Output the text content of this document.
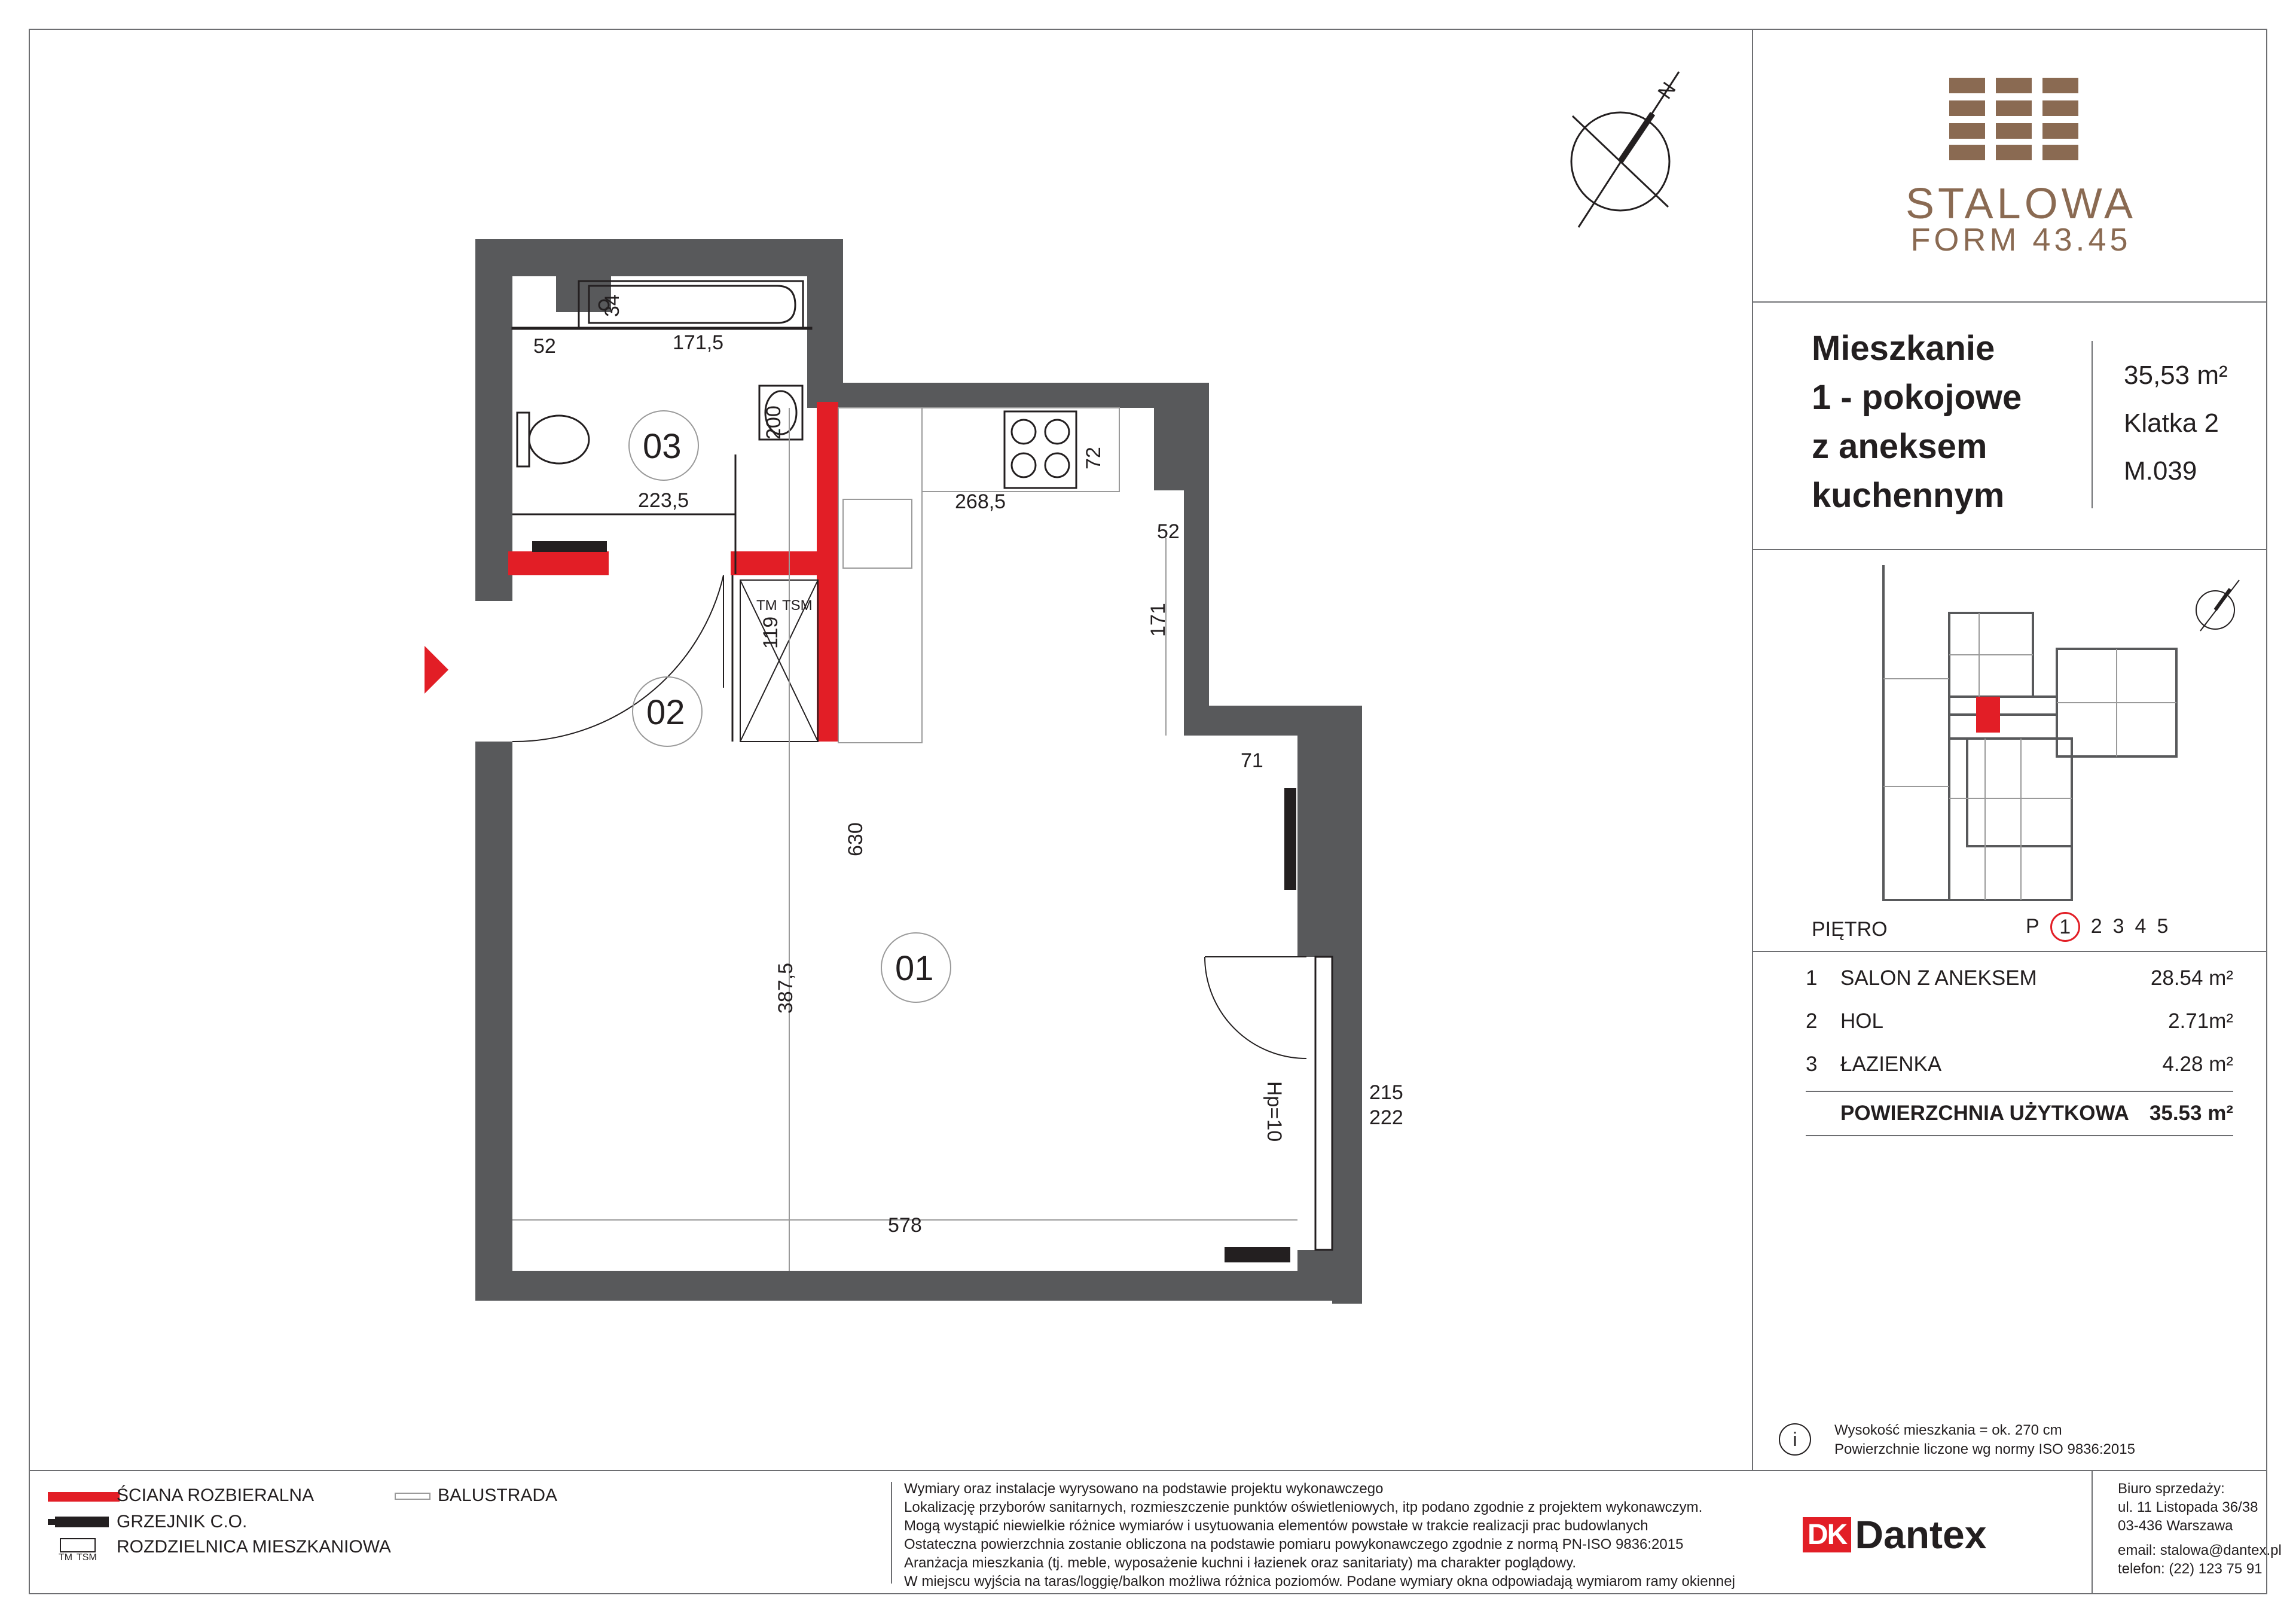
N
03
02
01
52
34
171,5
200
223,5	268,5
72
52
171
119
71
630
387,5
578
215
222
Hp=10
TM TSM
STALOWA
FORM 43.45
Mieszkanie
1 - pokojowe
z aneksem
kuchennym
35,53 m²
Klatka 2
M.039
PIĘTRO	P 1 2 3 4 5
1	SALON Z ANEKSEM	28.54 m²
2	HOL	2.71m²
3	ŁAZIENKA	4.28 m²
POWIERZCHNIA UŻYTKOWA 35.53 m²
i	Wysokość mieszkania = ok. 270 cm
Powierzchnie liczone wg normy ISO 9836:2015
ŚCIANA ROZBIERALNA
GRZEJNIK C.O.
TM TSM
ROZDZIELNICA MIESZKANIOWA
BALUSTRADA	Wymiary oraz instalacje wyrysowano na podstawie projektu wykonawczego
Lokalizację przyborów sanitarnych, rozmieszczenie punktów oświetleniowych, itp podano zgodnie z projektem wykonawczym.
Mogą wystąpić niewielkie różnice wymiarów i usytuowania elementów powstałe w trakcie realizacji prac budowlanych
Ostateczna powierzchnia zostanie obliczona na podstawie pomiaru powykonawczego zgodnie z normą PN-ISO 9836:2015
Aranżacja mieszkania (tj. meble, wyposażenie kuchni i łazienek oraz sanitariaty) ma charakter poglądowy.
W miejscu wyjścia na taras/loggię/balkon możliwa różnica poziomów. Podane wymiary okna odpowiadają wymiarom ramy okiennej
DK Dantex
Biuro sprzedaży:
ul. 11 Listopada 36/38
03-436 Warszawa
email: stalowa@dantex.pl
telefon: (22) 123 75 91
